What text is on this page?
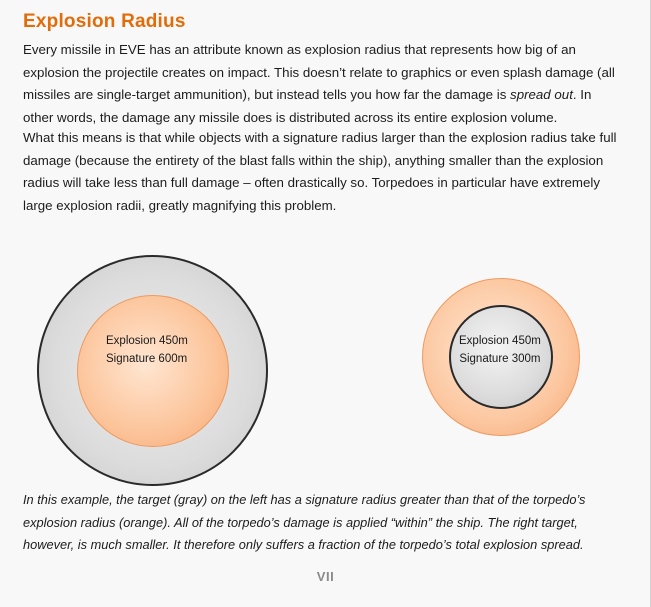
Explosion Radius

Every missile in EVE has an attribute known as explosion radius that represents how big of an explosion the projectile creates on impact. This doesn’t relate to graphics or even splash damage (all missiles are single-target ammunition), but instead tells you how far the damage is spread out. In other words, the damage any missile does is distributed across its entire explosion volume.

What this means is that while objects with a signature radius larger than the explosion radius take full damage (because the entirety of the blast falls within the ship), anything smaller than the explosion radius will take less than full damage – often drastically so. Torpedoes in particular have extremely large explosion radii, greatly magnifying this problem.

Explosion 450m
Signature 600m
Explosion 450m
Signature 300m

In this example, the target (gray) on the left has a signature radius greater than that of the torpedo’s explosion radius (orange). All of the torpedo’s damage is applied “within” the ship. The right target, however, is much smaller. It therefore only suffers a fraction of the torpedo’s total explosion spread.

VII
